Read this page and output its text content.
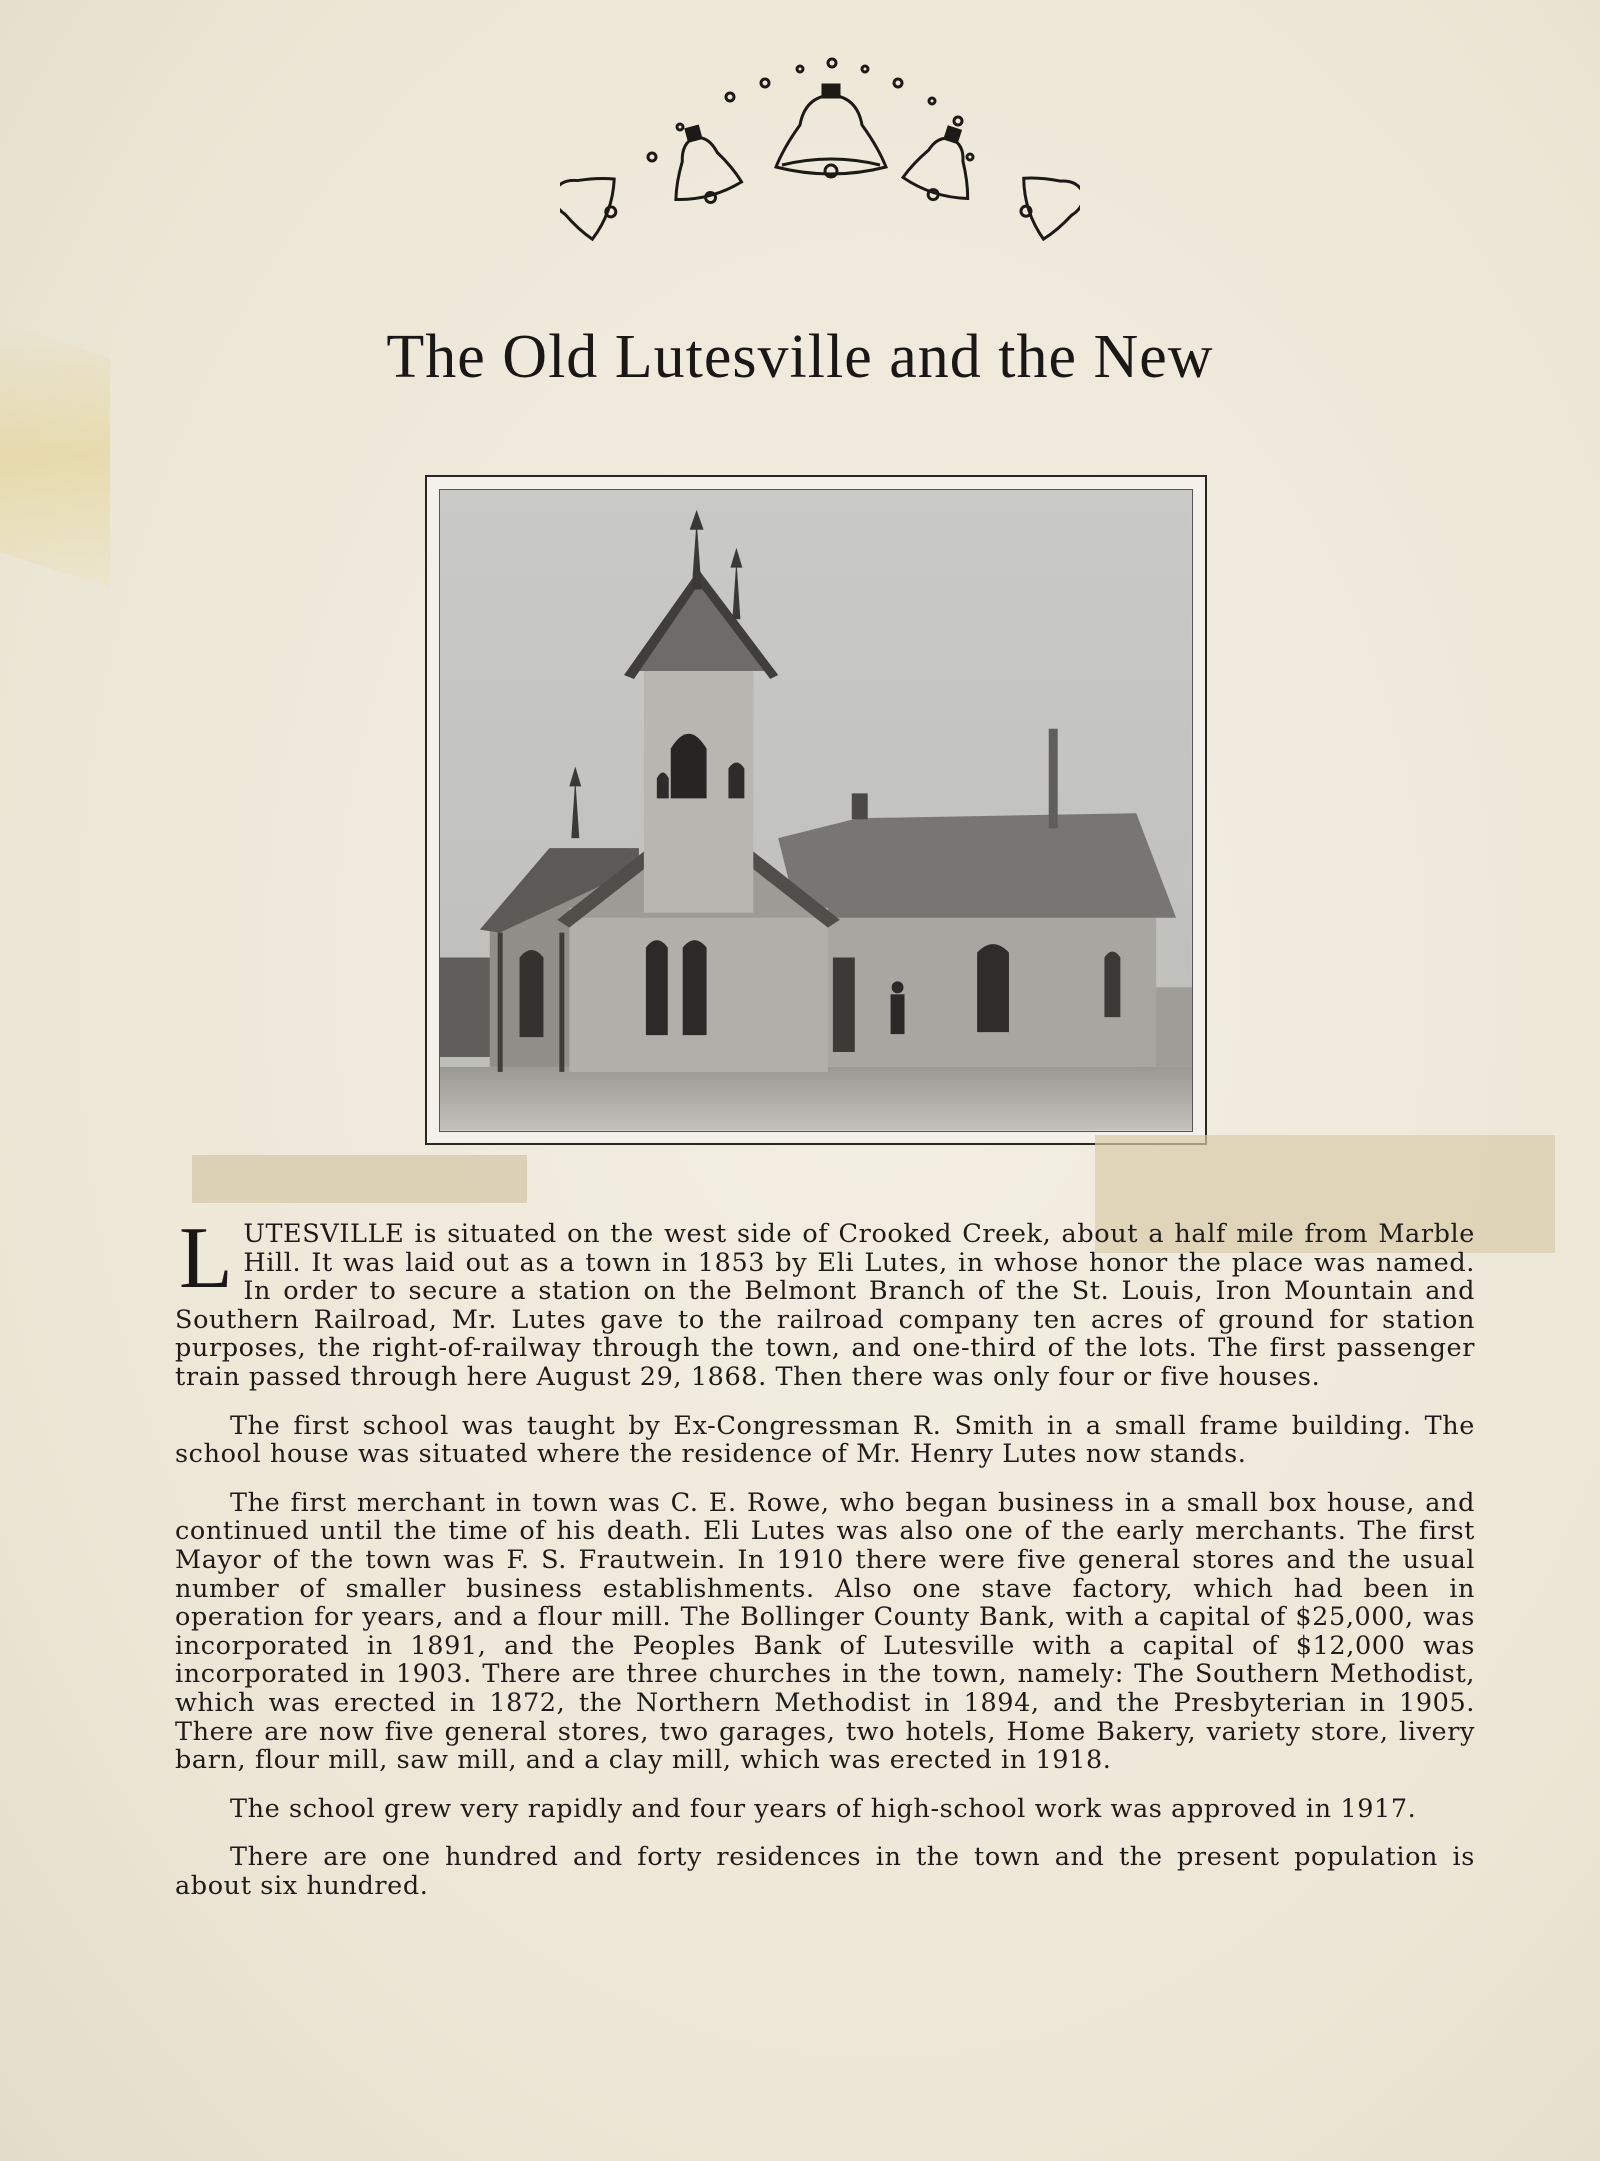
The Old Lutesville and the New

LUTESVILLE is situated on the west side of Crooked Creek, about a half mile from Marble Hill. It was laid out as a town in 1853 by Eli Lutes, in whose honor the place was named. In order to secure a station on the Belmont Branch of the St. Louis, Iron Mountain and Southern Railroad, Mr. Lutes gave to the railroad company ten acres of ground for station purposes, the right-of-railway through the town, and one-third of the lots. The first passenger train passed through here August 29, 1868. Then there was only four or five houses.

The first school was taught by Ex-Congressman R. Smith in a small frame building. The school house was situated where the residence of Mr. Henry Lutes now stands.

The first merchant in town was C. E. Rowe, who began business in a small box house, and continued until the time of his death. Eli Lutes was also one of the early merchants. The first Mayor of the town was F. S. Frautwein. In 1910 there were five general stores and the usual number of smaller business establishments. Also one stave factory, which had been in operation for years, and a flour mill. The Bollinger County Bank, with a capital of $25,000, was incorporated in 1891, and the Peoples Bank of Lutesville with a capital of $12,000 was incorporated in 1903. There are three churches in the town, namely: The Southern Methodist, which was erected in 1872, the Northern Methodist in 1894, and the Presbyterian in 1905. There are now five general stores, two garages, two hotels, Home Bakery, variety store, livery barn, flour mill, saw mill, and a clay mill, which was erected in 1918.

The school grew very rapidly and four years of high-school work was approved in 1917.

There are one hundred and forty residences in the town and the present population is about six hundred.
